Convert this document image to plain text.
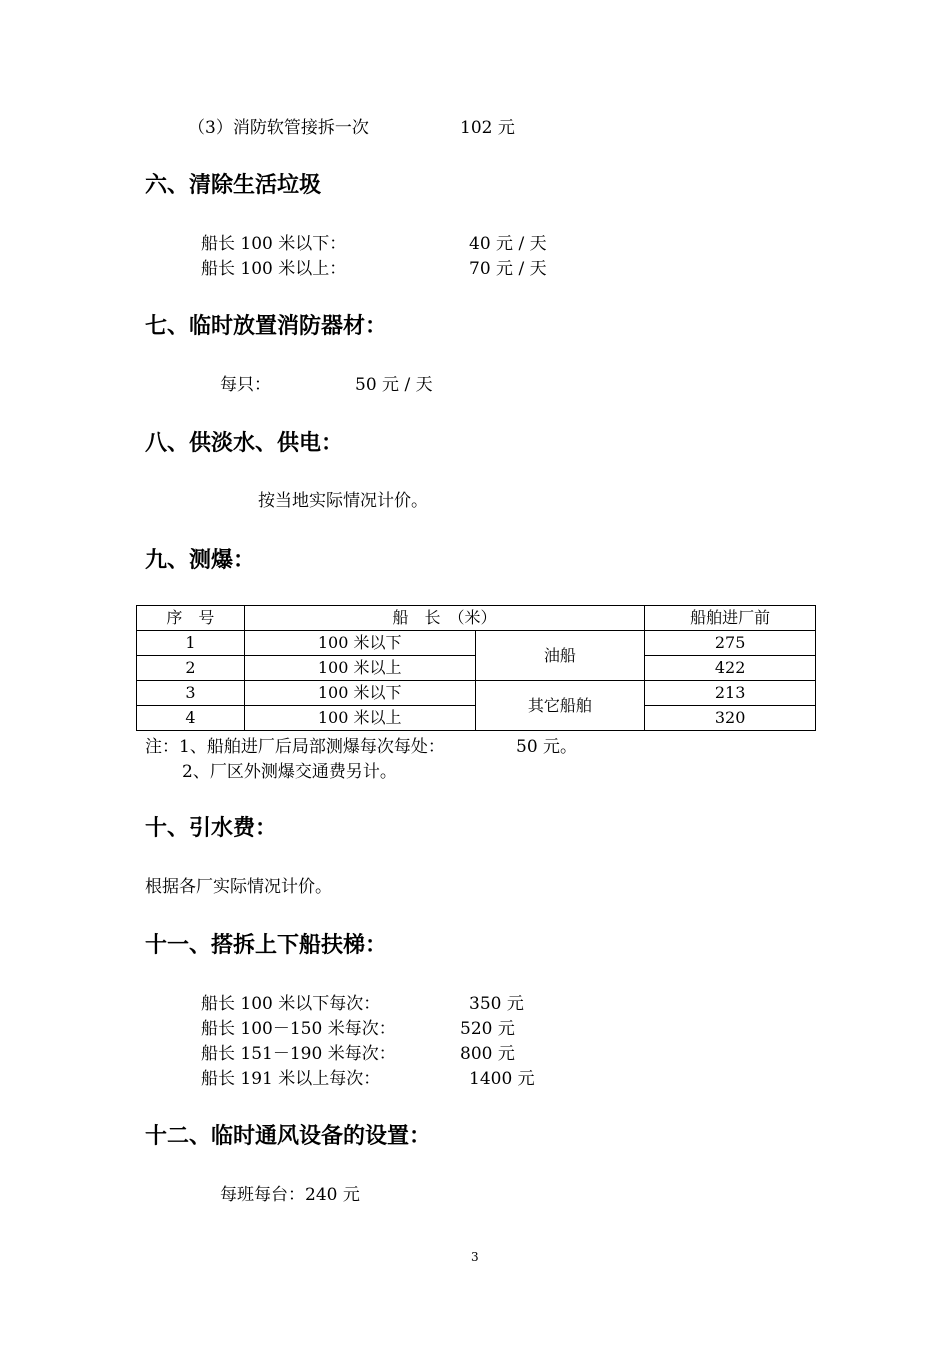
（3）消防软管接拆一次	102 元
六、清除生活垃圾
船长 100 米以下：	40 元 / 天
船长 100 米以上：	70 元 / 天
七、临时放置消防器材：
每只：	50 元 / 天
八、供淡水、供电：
按当地实际情况计价。
九、测爆：
序　号	船　长　（米）		船舶进厂前
1	100 米以下	油船	275
2	100 米以上		422
3	100 米以下	其它船舶	213
4	100 米以上		320
注：1、船舶进厂后局部测爆每次每处：	50 元。
2、厂区外测爆交通费另计。
十、引水费：
根据各厂实际情况计价。
十一、搭拆上下船扶梯：
船长 100 米以下每次：	350 元
船长 100－150 米每次：	520 元
船长 151－190 米每次：	800 元
船长 191 米以上每次：	1400 元
十二、临时通风设备的设置：
每班每台：240 元
3
